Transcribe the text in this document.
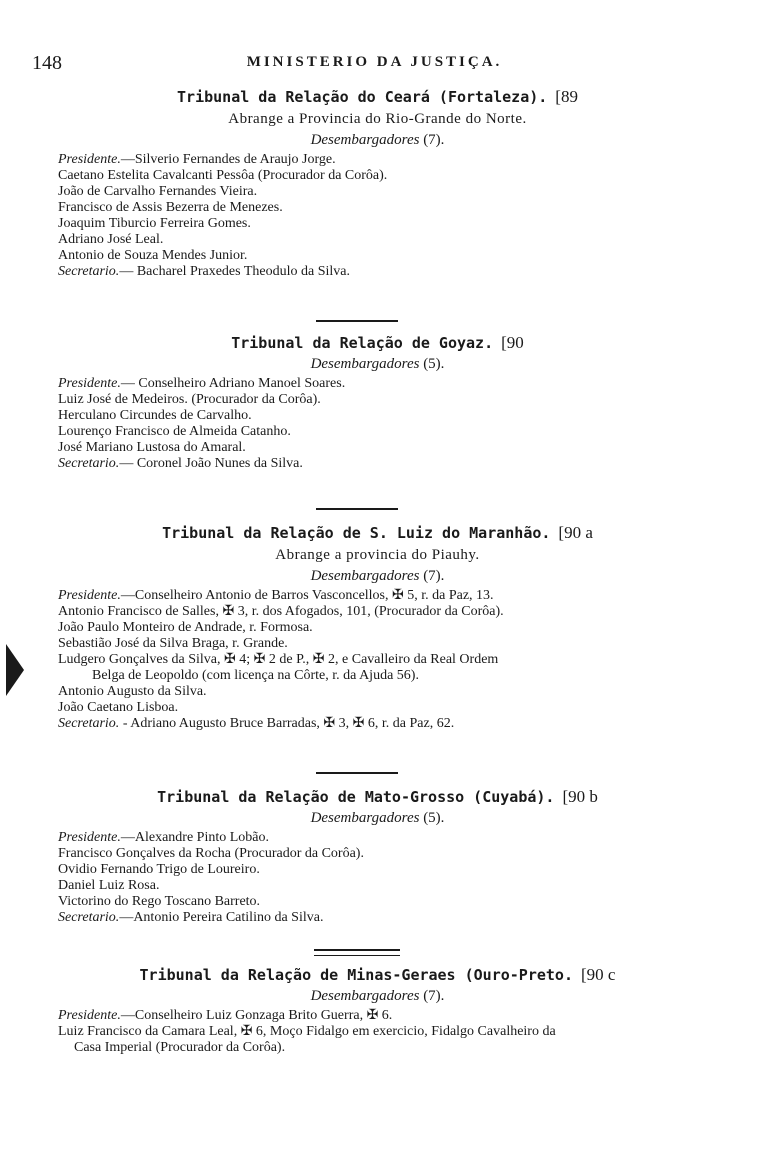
148	MINISTERIO DA JUSTIÇA.
Tribunal da Relação do Ceará (Fortaleza). [89
Abrange a Provincia do Rio-Grande do Norte.
Desembargadores (7).
Presidente.—Silverio Fernandes de Araujo Jorge.
Caetano Estelita Cavalcanti Pessôa (Procurador da Corôa).
João de Carvalho Fernandes Vieira.
Francisco de Assis Bezerra de Menezes.
Joaquim Tiburcio Ferreira Gomes.
Adriano José Leal.
Antonio de Souza Mendes Junior.
Secretario.— Bacharel Praxedes Theodulo da Silva.
Tribunal da Relação de Goyaz. [90
Desembargadores (5).
Presidente.— Conselheiro Adriano Manoel Soares.
Luiz José de Medeiros. (Procurador da Corôa).
Herculano Circundes de Carvalho.
Lourenço Francisco de Almeida Catanho.
José Mariano Lustosa do Amaral.
Secretario.— Coronel João Nunes da Silva.
Tribunal da Relação de S. Luiz do Maranhão. [90 a
Abrange a provincia do Piauhy.
Desembargadores (7).
Presidente.—Conselheiro Antonio de Barros Vasconcellos, ✠ 5, r. da Paz, 13.
Antonio Francisco de Salles, ✠ 3, r. dos Afogados, 101, (Procurador da Corôa).
João Paulo Monteiro de Andrade, r. Formosa.
Sebastião José da Silva Braga, r. Grande.
Ludgero Gonçalves da Silva, ✠ 4; ✠ 2 de P., ✠ 2, e Cavalleiro da Real Ordem
Belga de Leopoldo (com licença na Côrte, r. da Ajuda 56).
Antonio Augusto da Silva.
João Caetano Lisboa.
Secretario. - Adriano Augusto Bruce Barradas, ✠ 3, ✠ 6, r. da Paz, 62.
Tribunal da Relação de Mato-Grosso (Cuyabá). [90 b
Desembargadores (5).
Presidente.—Alexandre Pinto Lobão.
Francisco Gonçalves da Rocha (Procurador da Corôa).
Ovidio Fernando Trigo de Loureiro.
Daniel Luiz Rosa.
Victorino do Rego Toscano Barreto.
Secretario.—Antonio Pereira Catilino da Silva.
Tribunal da Relação de Minas-Geraes (Ouro-Preto. [90 c
Desembargadores (7).
Presidente.—Conselheiro Luiz Gonzaga Brito Guerra, ✠ 6.
Luiz Francisco da Camara Leal, ✠ 6, Moço Fidalgo em exercicio, Fidalgo Cavalheiro da
Casa Imperial (Procurador da Corôa).
